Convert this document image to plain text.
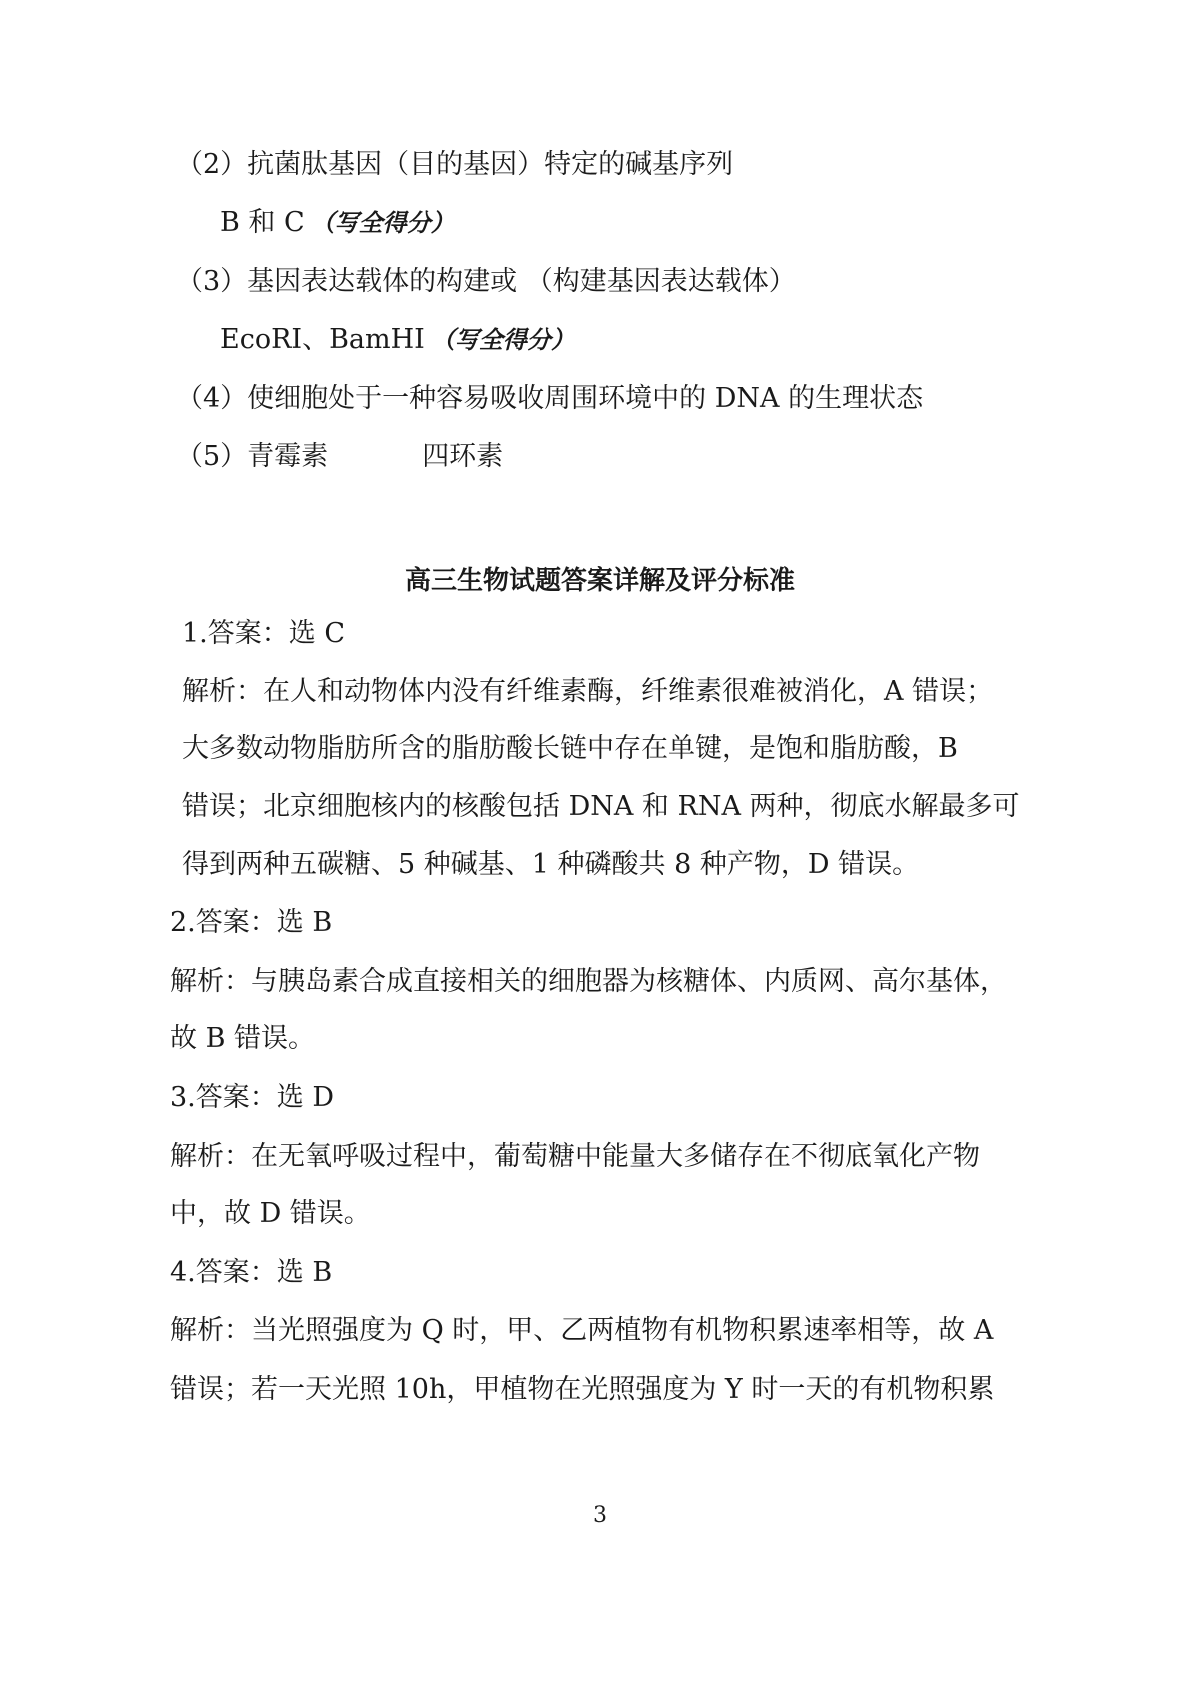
（2）抗菌肽基因（目的基因）特定的碱基序列
B 和 C （写全得分）
（3）基因表达载体的构建或 （构建基因表达载体）
EcoRⅠ、BamHⅠ （写全得分）
（4）使细胞处于一种容易吸收周围环境中的 DNA 的生理状态
（5）青霉素	四环素
高三生物试题答案详解及评分标准
1.答案：选 C
解析：在人和动物体内没有纤维素酶，纤维素很难被消化，A 错误；
大多数动物脂肪所含的脂肪酸长链中存在单键，是饱和脂肪酸，B
错误；北京细胞核内的核酸包括 DNA 和 RNA 两种，彻底水解最多可
得到两种五碳糖、5 种碱基、1 种磷酸共 8 种产物，D 错误。
2.答案：选 B
解析：与胰岛素合成直接相关的细胞器为核糖体、内质网、高尔基体，
故 B 错误。
3.答案：选 D
解析：在无氧呼吸过程中，葡萄糖中能量大多储存在不彻底氧化产物
中，故 D 错误。
4.答案：选 B
解析：当光照强度为 Q 时，甲、乙两植物有机物积累速率相等，故 A
错误；若一天光照 10h，甲植物在光照强度为 Y 时一天的有机物积累
3
